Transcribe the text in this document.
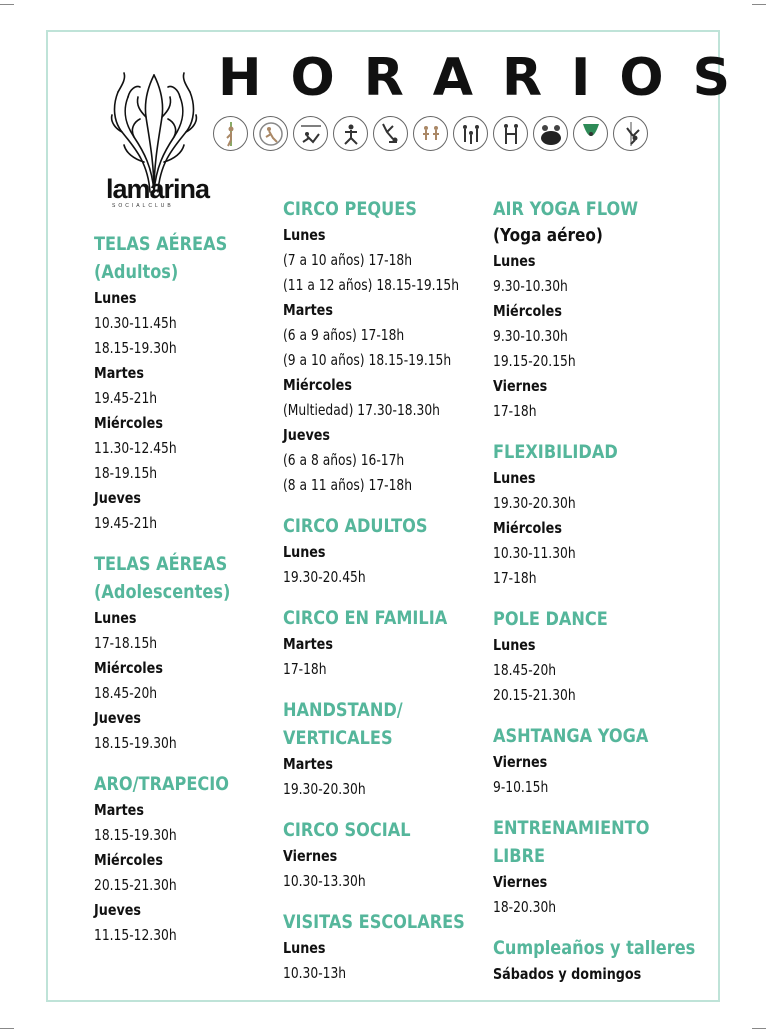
lamarina
SOCIALCLUB
HORARIOS
TELAS AÉREAS
(Adultos)
Lunes
10.30-11.45h
18.15-19.30h
Martes
19.45-21h
Miércoles
11.30-12.45h
18-19.15h
Jueves
19.45-21h
TELAS AÉREAS
(Adolescentes)
Lunes
17-18.15h
Miércoles
18.45-20h
Jueves
18.15-19.30h
ARO/TRAPECIO
Martes
18.15-19.30h
Miércoles
20.15-21.30h
Jueves
11.15-12.30h
CIRCO PEQUES
Lunes
(7 a 10 años) 17-18h
(11 a 12 años) 18.15-19.15h
Martes
(6 a 9 años) 17-18h
(9 a 10 años) 18.15-19.15h
Miércoles
(Multiedad) 17.30-18.30h
Jueves
(6 a 8 años) 16-17h
(8 a 11 años) 17-18h
CIRCO ADULTOS
Lunes
19.30-20.45h
CIRCO EN FAMILIA
Martes
17-18h
HANDSTAND/
VERTICALES
Martes
19.30-20.30h
CIRCO SOCIAL
Viernes
10.30-13.30h
VISITAS ESCOLARES
Lunes
10.30-13h
AIR YOGA FLOW
(Yoga aéreo)
Lunes
9.30-10.30h
Miércoles
9.30-10.30h
19.15-20.15h
Viernes
17-18h
FLEXIBILIDAD
Lunes
19.30-20.30h
Miércoles
10.30-11.30h
17-18h
POLE DANCE
Lunes
18.45-20h
20.15-21.30h
ASHTANGA YOGA
Viernes
9-10.15h
ENTRENAMIENTO
LIBRE
Viernes
18-20.30h
Cumpleaños y talleres
Sábados y domingos
